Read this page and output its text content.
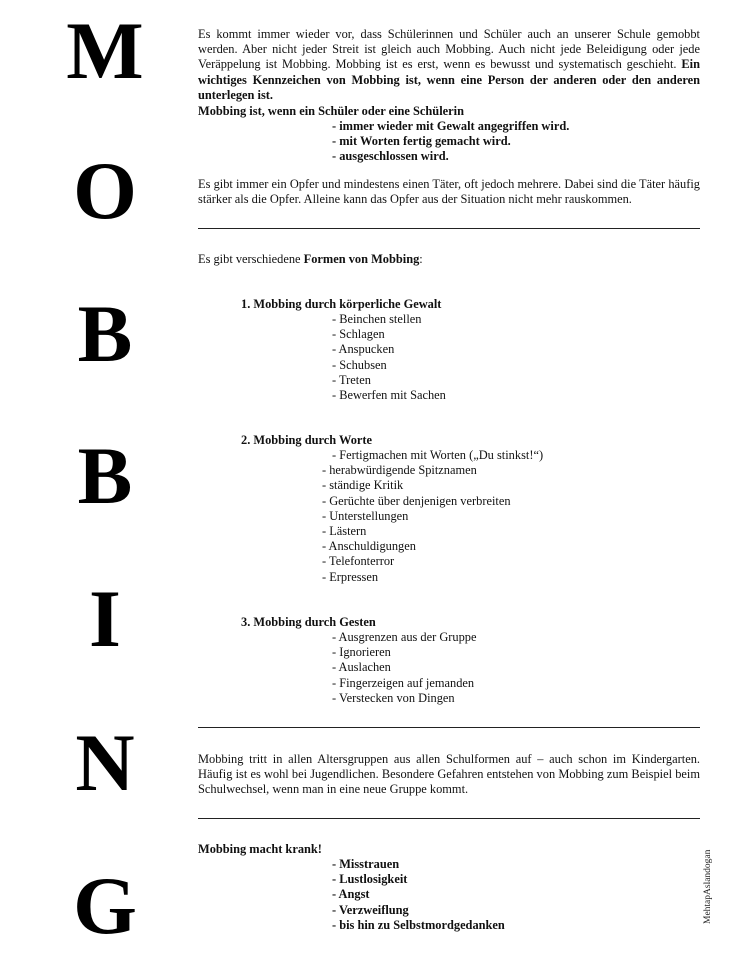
M
O
B
B
I
N
G
Es kommt immer wieder vor, dass Schülerinnen und Schüler auch an unserer Schule gemobbt werden. Aber nicht jeder Streit ist gleich auch Mobbing. Auch nicht jede Beleidigung oder jede Veräppelung ist Mobbing. Mobbing ist es erst, wenn es bewusst und systematisch geschieht. Ein wichtiges Kennzeichen von Mobbing ist, wenn eine Person der anderen oder den anderen unterlegen ist.
Mobbing ist, wenn ein Schüler oder eine Schülerin
- immer wieder mit Gewalt angegriffen wird.
- mit Worten fertig gemacht wird.
- ausgeschlossen wird.
Es gibt immer ein Opfer und mindestens einen Täter, oft jedoch mehrere. Dabei sind die Täter häufig stärker als die Opfer. Alleine kann das Opfer aus der Situation nicht mehr rauskommen.
Es gibt verschiedene Formen von Mobbing:
1. Mobbing durch körperliche Gewalt
- Beinchen stellen
- Schlagen
- Anspucken
- Schubsen
- Treten
- Bewerfen mit Sachen
2. Mobbing durch Worte
- Fertigmachen mit Worten („Du stinkst!“)
- herabwürdigende Spitznamen
- ständige Kritik
- Gerüchte über denjenigen verbreiten
- Unterstellungen
- Lästern
- Anschuldigungen
- Telefonterror
- Erpressen
3. Mobbing durch Gesten
- Ausgrenzen aus der Gruppe
- Ignorieren
- Auslachen
- Fingerzeigen auf jemanden
- Verstecken von Dingen
Mobbing tritt in allen Altersgruppen aus allen Schulformen auf – auch schon im Kindergarten. Häufig ist es wohl bei Jugendlichen. Besondere Gefahren entstehen von Mobbing zum Beispiel beim Schulwechsel, wenn man in eine neue Gruppe kommt.
Mobbing macht krank!
- Misstrauen
- Lustlosigkeit
- Angst
- Verzweiflung
- bis hin zu Selbstmordgedanken
MehtapAslandogan
